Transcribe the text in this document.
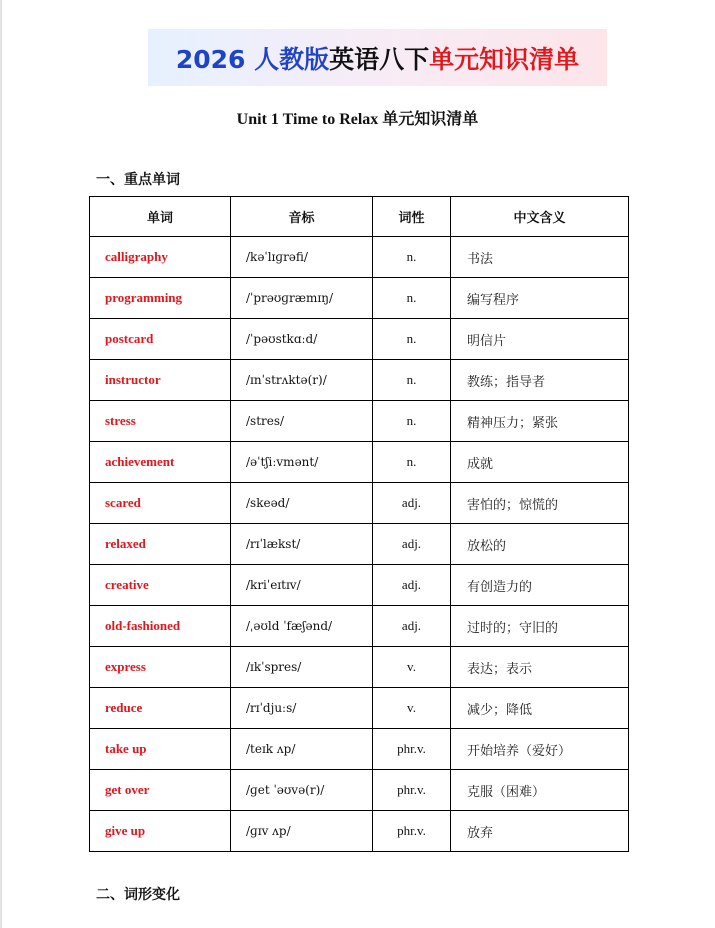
2026 人教版 英语八下 单元知识清单
Unit 1 Time to Relax 单元知识清单
一、重点单词
单词	音标	词性	中文含义
calligraphy	/kəˈlɪɡrəfi/	n.	书法
programming	/ˈprəʊɡræmɪŋ/	n.	编写程序
postcard	/ˈpəʊstkɑːd/	n.	明信片
instructor	/ɪnˈstrʌktə(r)/	n.	教练；指导者
stress	/stres/	n.	精神压力；紧张
achievement	/əˈtʃiːvmənt/	n.	成就
scared	/skeəd/	adj.	害怕的；惊慌的
relaxed	/rɪˈlækst/	adj.	放松的
creative	/kriˈeɪtɪv/	adj.	有创造力的
old-fashioned	/ˌəʊld ˈfæʃənd/	adj.	过时的；守旧的
express	/ɪkˈspres/	v.	表达；表示
reduce	/rɪˈdjuːs/	v.	减少；降低
take up	/teɪk ʌp/	phr.v.	开始培养（爱好）
get over	/ɡet ˈəʊvə(r)/	phr.v.	克服（困难）
give up	/ɡɪv ʌp/	phr.v.	放弃
二、词形变化
